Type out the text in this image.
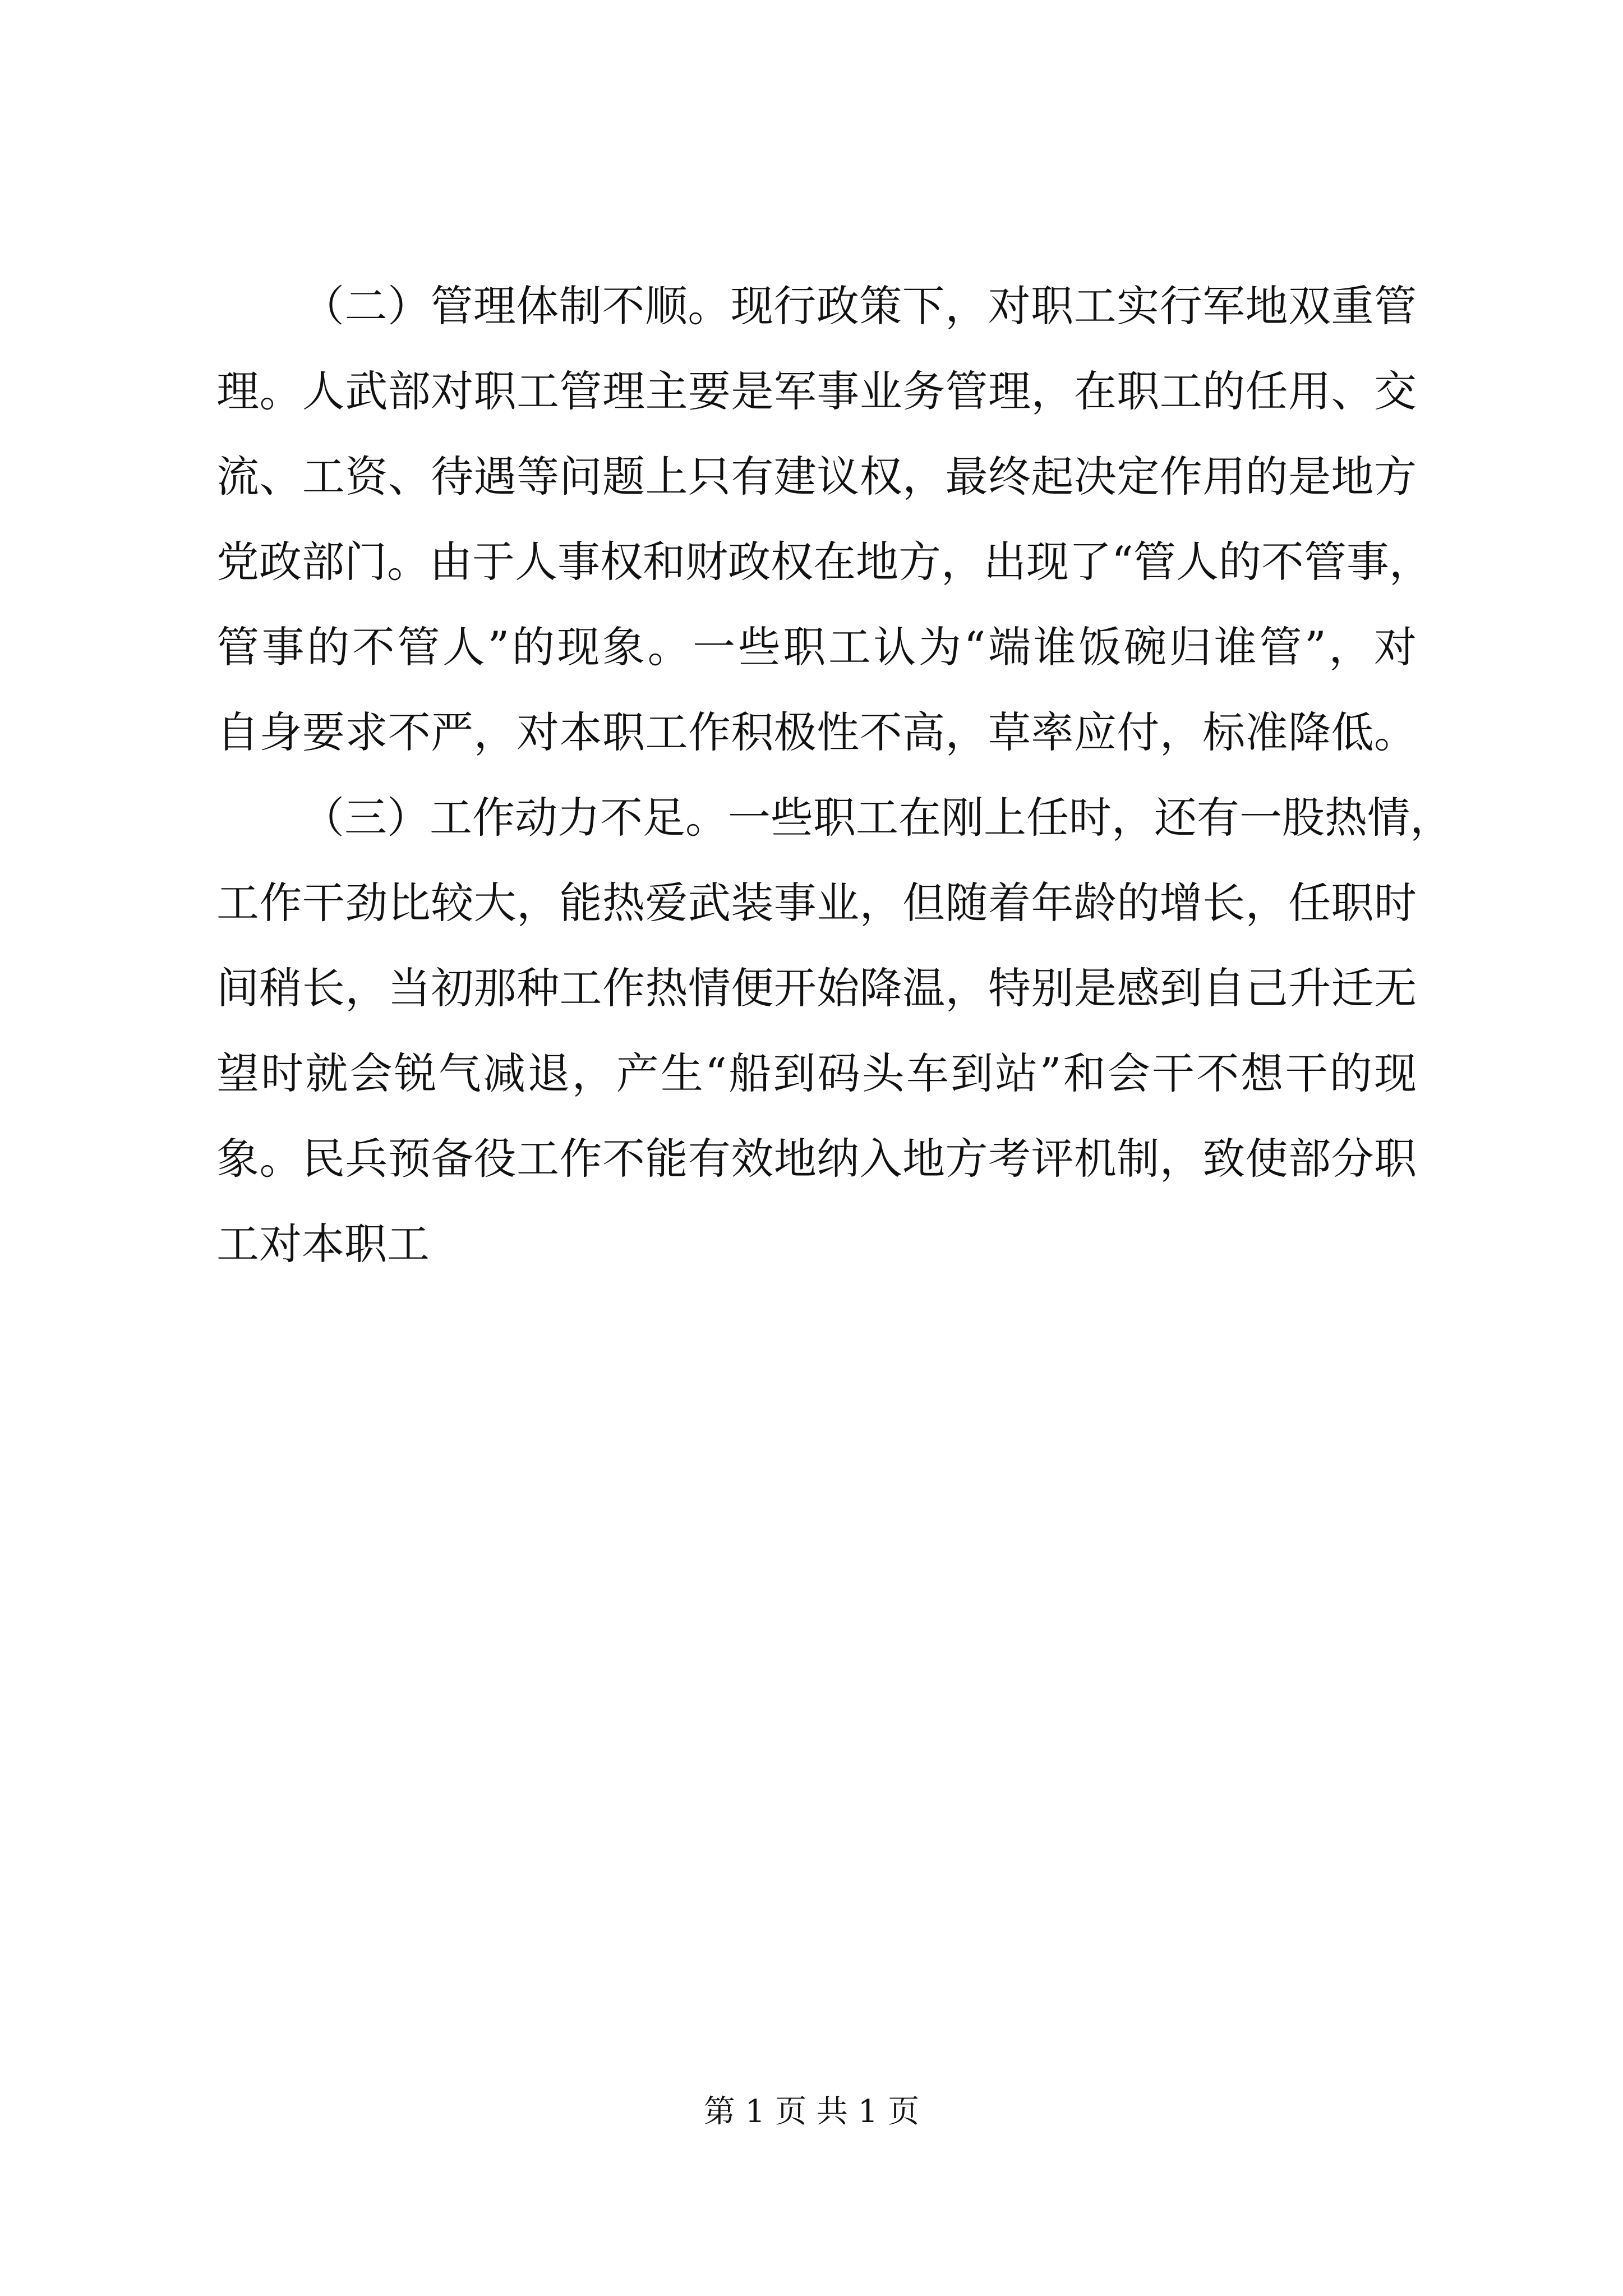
（二）管理体制不顺。现行政策下，对职工实行军地双重管
理。人武部对职工管理主要是军事业务管理，在职工的任用、交
流、工资、待遇等问题上只有建议权，最终起决定作用的是地方
党政部门。由于人事权和财政权在地方，出现了“管人的不管事，
管事的不管人”的现象。一些职工认为“端谁饭碗归谁管”，对
自身要求不严，对本职工作积极性不高，草率应付，标准降低。
（三）工作动力不足。一些职工在刚上任时，还有一股热情，
工作干劲比较大，能热爱武装事业，但随着年龄的增长，任职时
间稍长，当初那种工作热情便开始降温，特别是感到自己升迁无
望时就会锐气减退，产生“船到码头车到站”和会干不想干的现
象。民兵预备役工作不能有效地纳入地方考评机制，致使部分职
工对本职工
第 1 页 共 1 页
